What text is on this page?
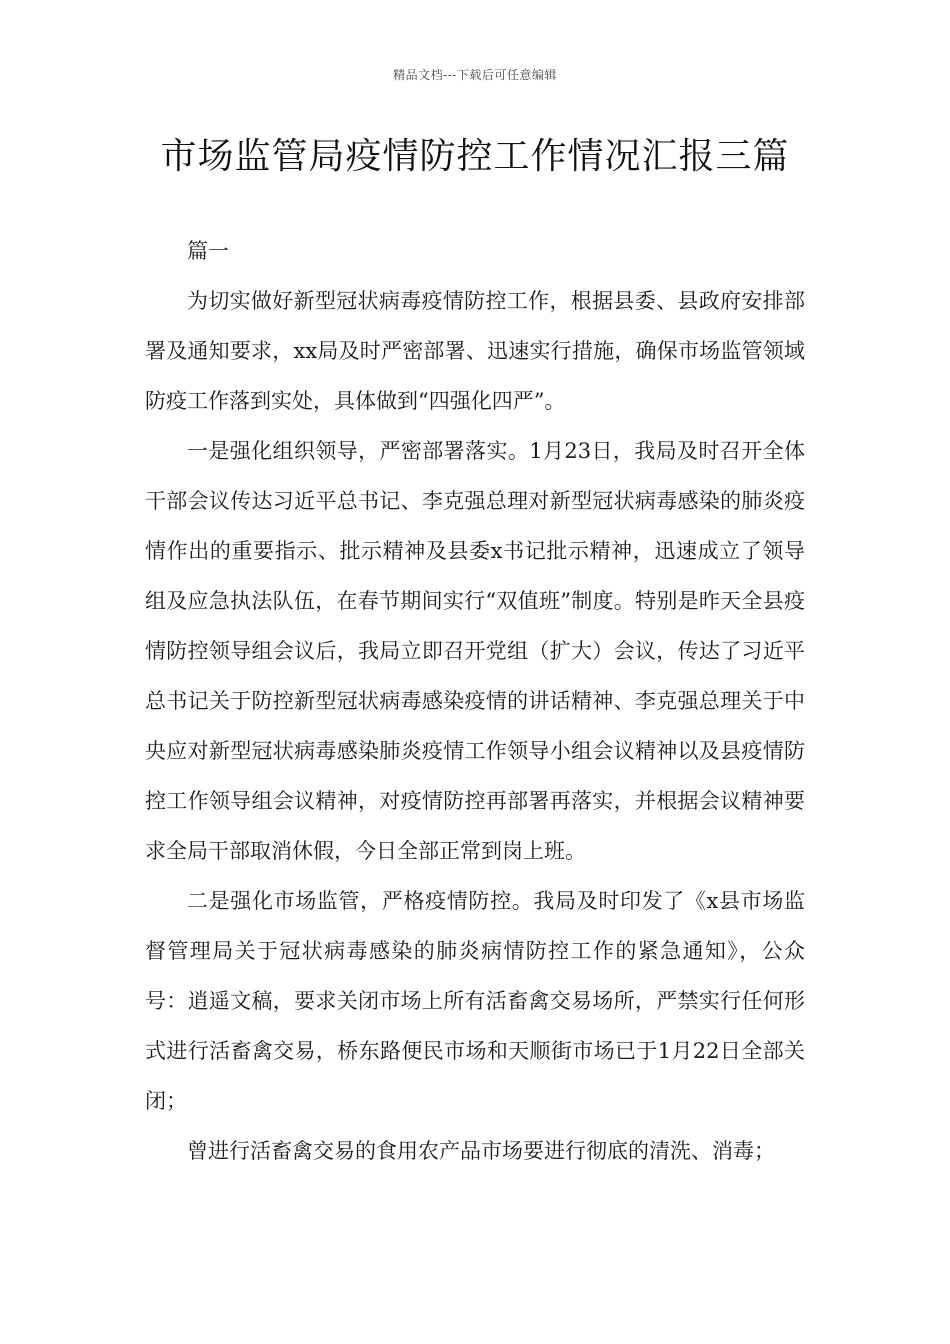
精品文档---下载后可任意编辑
市场监管局疫情防控工作情况汇报三篇

篇一

为切实做好新型冠状病毒疫情防控工作，根据县委、县政府安排部署及通知要求，xx局及时严密部署、迅速实行措施，确保市场监管领域防疫工作落到实处，具体做到“四强化四严”。

一是强化组织领导，严密部署落实。1月23日，我局及时召开全体干部会议传达习近平总书记、李克强总理对新型冠状病毒感染的肺炎疫情作出的重要指示、批示精神及县委x书记批示精神，迅速成立了领导组及应急执法队伍，在春节期间实行“双值班”制度。特别是昨天全县疫情防控领导组会议后，我局立即召开党组（扩大）会议，传达了习近平总书记关于防控新型冠状病毒感染疫情的讲话精神、李克强总理关于中央应对新型冠状病毒感染肺炎疫情工作领导小组会议精神以及县疫情防控工作领导组会议精神，对疫情防控再部署再落实，并根据会议精神要求全局干部取消休假，今日全部正常到岗上班。

二是强化市场监管，严格疫情防控。我局及时印发了《x县市场监督管理局关于冠状病毒感染的肺炎病情防控工作的紧急通知》，公众号：逍遥文稿，要求关闭市场上所有活畜禽交易场所，严禁实行任何形式进行活畜禽交易，桥东路便民市场和天顺街市场已于1月22日全部关闭；

曾进行活畜禽交易的食用农产品市场要进行彻底的清洗、消毒；
